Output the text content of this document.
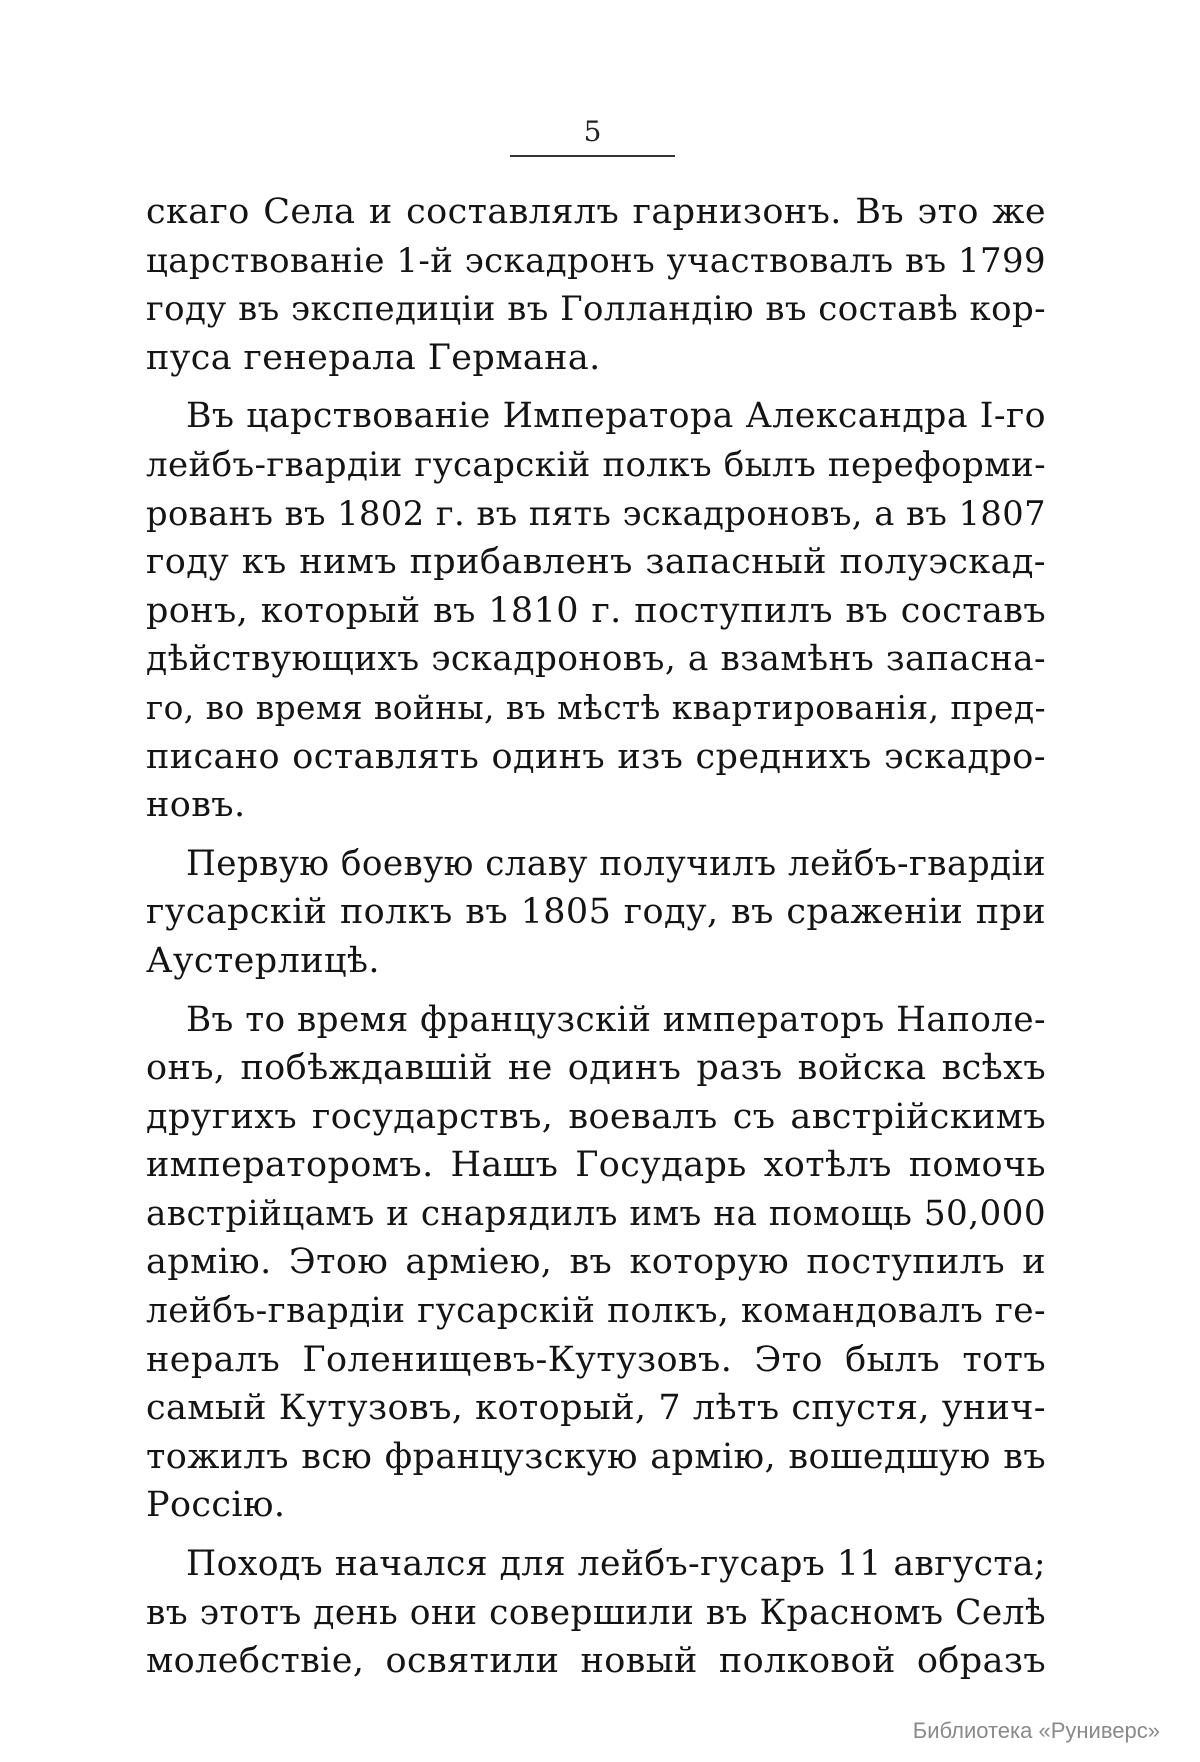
5
скаго Села и составлялъ гарнизонъ. Въ это же
царствованіе 1-й эскадронъ участвовалъ въ 1799
году въ экспедиціи въ Голландію въ составѣ кор-
пуса генерала Германа.
Въ царствованіе Императора Александра I-го
лейбъ-гвардіи гусарскій полкъ былъ переформи-
рованъ въ 1802 г. въ пять эскадроновъ, а въ 1807
году къ нимъ прибавленъ запасный полуэскад-
ронъ, который въ 1810 г. поступилъ въ составъ
дѣйствующихъ эскадроновъ, а взамѣнъ запасна-
го, во время войны, въ мѣстѣ квартированія, пред-
писано оставлять одинъ изъ среднихъ эскадро-
новъ.
Первую боевую славу получилъ лейбъ-гвардіи
гусарскій полкъ въ 1805 году, въ сраженіи при
Аустерлицѣ.
Въ то время французскій императоръ Наполе-
онъ, побѣждавшій не одинъ разъ войска всѣхъ
другихъ государствъ, воевалъ съ австрійскимъ
императоромъ. Нашъ Государь хотѣлъ помочь
австрійцамъ и снарядилъ имъ на помощь 50,000
армію. Этою арміею, въ которую поступилъ и
лейбъ-гвардіи гусарскій полкъ, командовалъ ге-
нералъ Голенищевъ-Кутузовъ. Это былъ тотъ
самый Кутузовъ, который, 7 лѣтъ спустя, унич-
тожилъ всю французскую армію, вошедшую въ
Россію.
Походъ начался для лейбъ-гусаръ 11 августа;
въ этотъ день они совершили въ Красномъ Селѣ
молебствіе, освятили новый полковой образъ
Библиотека «Руниверс»
